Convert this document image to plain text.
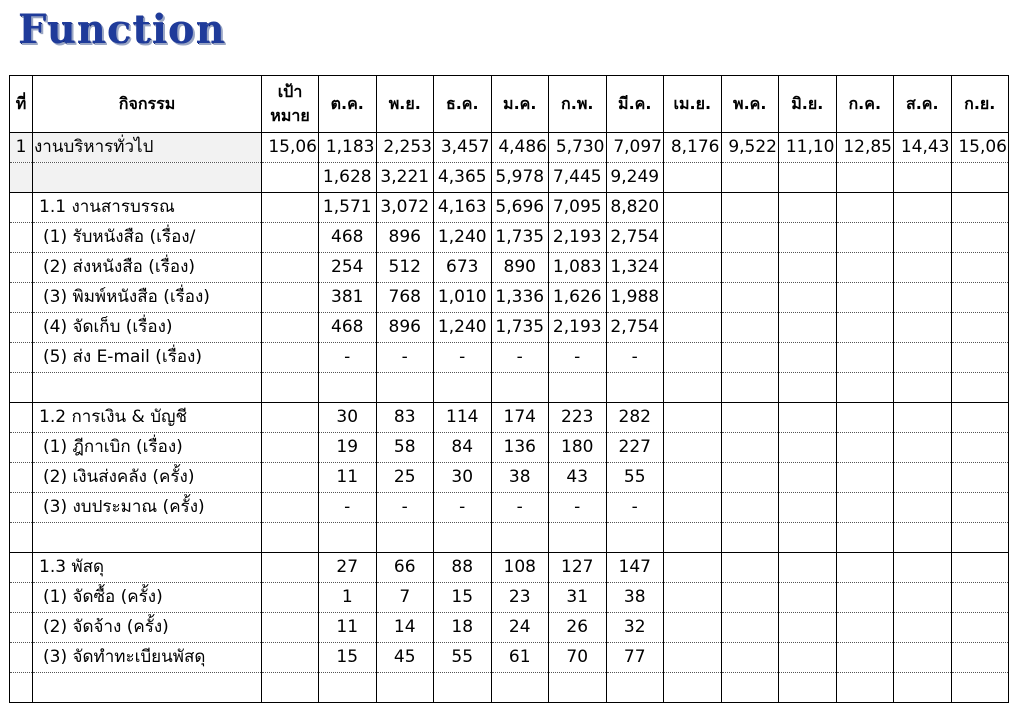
Function
ที่	กิจกรรม	เป้าหมาย	ต.ค.	พ.ย.	ธ.ค.	ม.ค.	ก.พ.	มี.ค.	เม.ย.	พ.ค.	มิ.ย.	ก.ค.	ส.ค.	ก.ย.
1	งานบริหารทั่วไป	15,06	1,183	2,253	3,457	4,486	5,730	7,097	8,176	9,522	11,10	12,85	14,43	15,06
			1,628	3,221	4,365	5,978	7,445	9,249						
	1.1 งานสารบรรณ		1,571	3,072	4,163	5,696	7,095	8,820						
	(1) รับหนังสือ (เรื่อง/		468	896	1,240	1,735	2,193	2,754						
	(2) ส่งหนังสือ (เรื่อง)		254	512	673	890	1,083	1,324						
	(3) พิมพ์หนังสือ (เรื่อง)		381	768	1,010	1,336	1,626	1,988						
	(4) จัดเก็บ (เรื่อง)		468	896	1,240	1,735	2,193	2,754						
	(5) ส่ง E-mail (เรื่อง)		-	-	-	-	-	-						

	1.2 การเงิน & บัญชี		30	83	114	174	223	282						
	(1) ฎีกาเบิก (เรื่อง)		19	58	84	136	180	227						
	(2) เงินส่งคลัง (ครั้ง)		11	25	30	38	43	55						
	(3) งบประมาณ (ครั้ง)		-	-	-	-	-	-						

	1.3 พัสดุ		27	66	88	108	127	147						
	(1) จัดซื้อ (ครั้ง)		1	7	15	23	31	38						
	(2) จัดจ้าง (ครั้ง)		11	14	18	24	26	32						
	(3) จัดทำทะเบียนพัสดุ		15	45	55	61	70	77						
